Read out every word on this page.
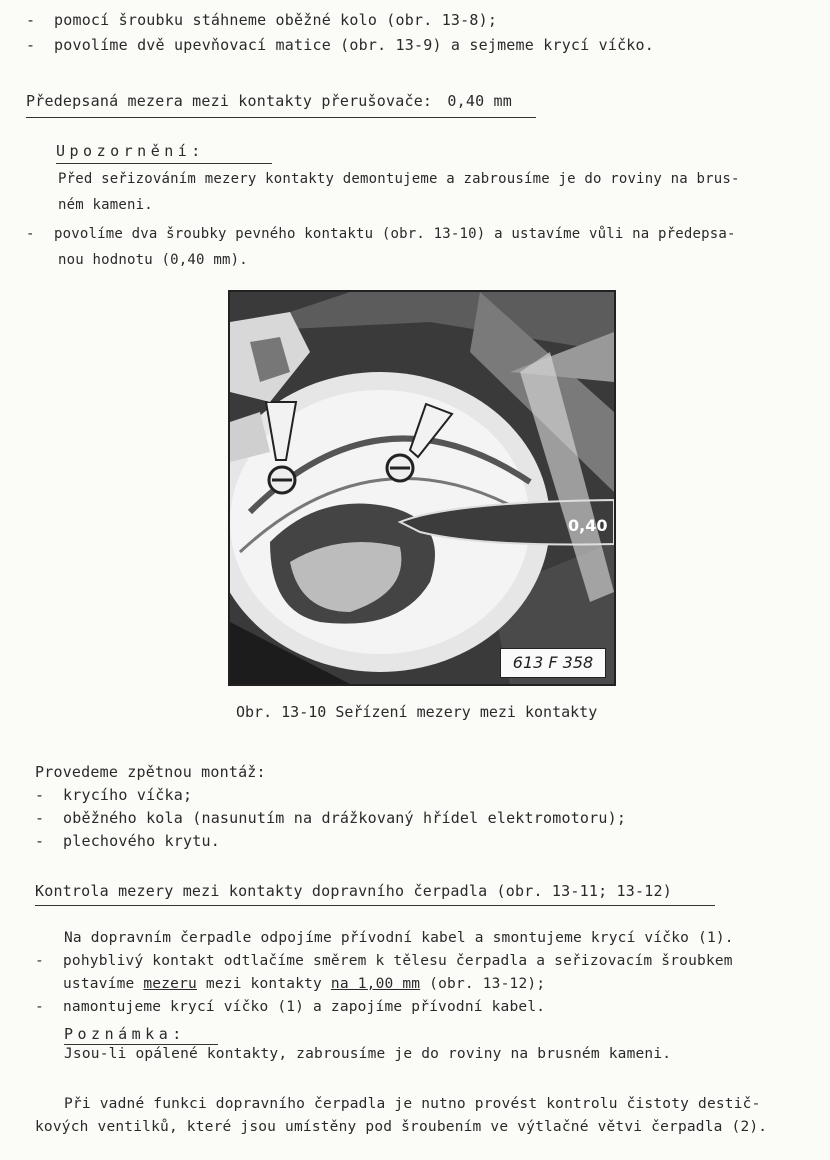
- pomocí šroubku stáhneme oběžné kolo (obr. 13-8);
- povolíme dvě upevňovací matice (obr. 13-9) a sejmeme krycí víčko.
Předepsaná mezera mezi kontakty přerušovače: 0,40 mm
Upozornění:
Před seřizováním mezery kontakty demontujeme a zabrousíme je do roviny na brus-
ném kameni.
- povolíme dva šroubky pevného kontaktu (obr. 13-10) a ustavíme vůli na předepsa-
nou hodnotu (0,40 mm).
0,40
613 F 358
Obr. 13-10 Seřízení mezery mezi kontakty
Provedeme zpětnou montáž:
- krycího víčka;
- oběžného kola (nasunutím na drážkovaný hřídel elektromotoru);
- plechového krytu.
Kontrola mezery mezi kontakty dopravního čerpadla (obr. 13-11; 13-12)
Na dopravním čerpadle odpojíme přívodní kabel a smontujeme krycí víčko (1).
- pohyblivý kontakt odtlačíme směrem k tělesu čerpadla a seřizovacím šroubkem
ustavíme mezeru mezi kontakty na 1,00 mm (obr. 13-12);
- namontujeme krycí víčko (1) a zapojíme přívodní kabel.
Poznámka:
Jsou-li opálené kontakty, zabrousíme je do roviny na brusném kameni.
Při vadné funkci dopravního čerpadla je nutno provést kontrolu čistoty destič-
kových ventilků, které jsou umístěny pod šroubením ve výtlačné větvi čerpadla (2).
